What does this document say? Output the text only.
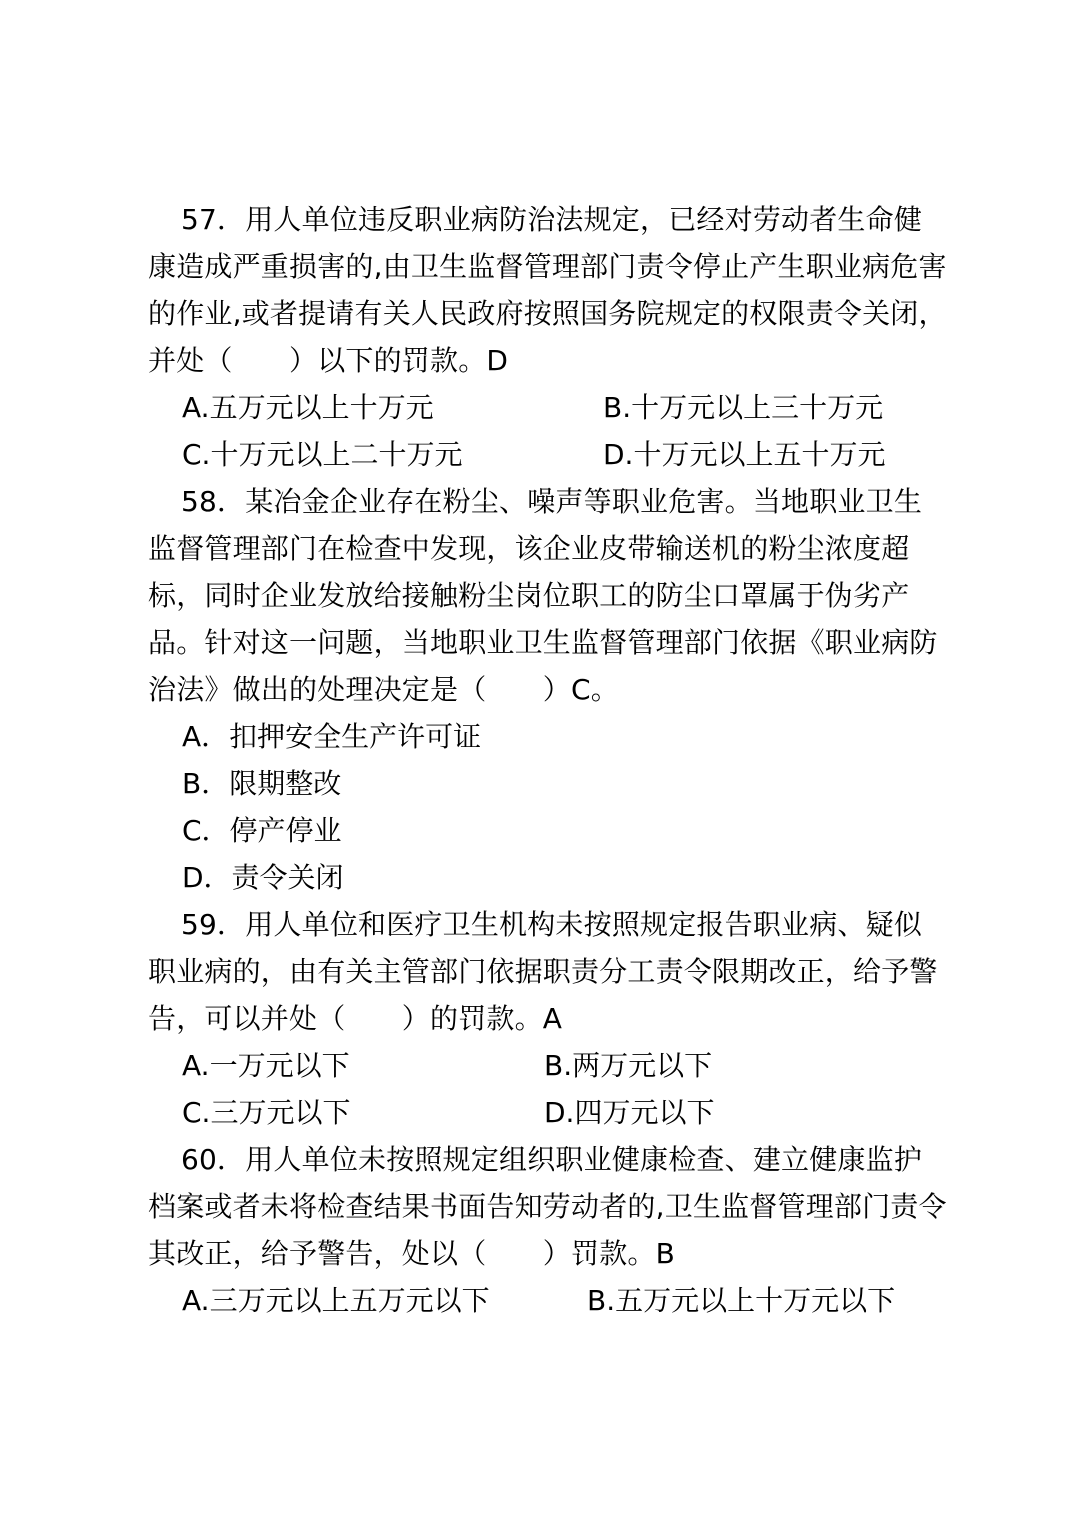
57．用人单位违反职业病防治法规定，已经对劳动者生命健康造成严重损害的,由卫生监督管理部门责令停止产生职业病危害的作业,或者提请有关人民政府按照国务院规定的权限责令关闭，并处（　　）以下的罚款。D

A.五万元以上十万元	B.十万元以上三十万元
C.十万元以上二十万元	D.十万元以上五十万元

58．某冶金企业存在粉尘、噪声等职业危害。当地职业卫生监督管理部门在检查中发现，该企业皮带输送机的粉尘浓度超标，同时企业发放给接触粉尘岗位职工的防尘口罩属于伪劣产品。针对这一问题，当地职业卫生监督管理部门依据《职业病防治法》做出的处理决定是（　　）C。

A．扣押安全生产许可证
B．限期整改
C．停产停业
D．责令关闭

59．用人单位和医疗卫生机构未按照规定报告职业病、疑似职业病的，由有关主管部门依据职责分工责令限期改正，给予警告，可以并处（　　）的罚款。A

A.一万元以下	B.两万元以下
C.三万元以下	D.四万元以下

60．用人单位未按照规定组织职业健康检查、建立健康监护档案或者未将检查结果书面告知劳动者的,卫生监督管理部门责令其改正，给予警告，处以（　　）罚款。B

A.三万元以上五万元以下	B.五万元以上十万元以下
